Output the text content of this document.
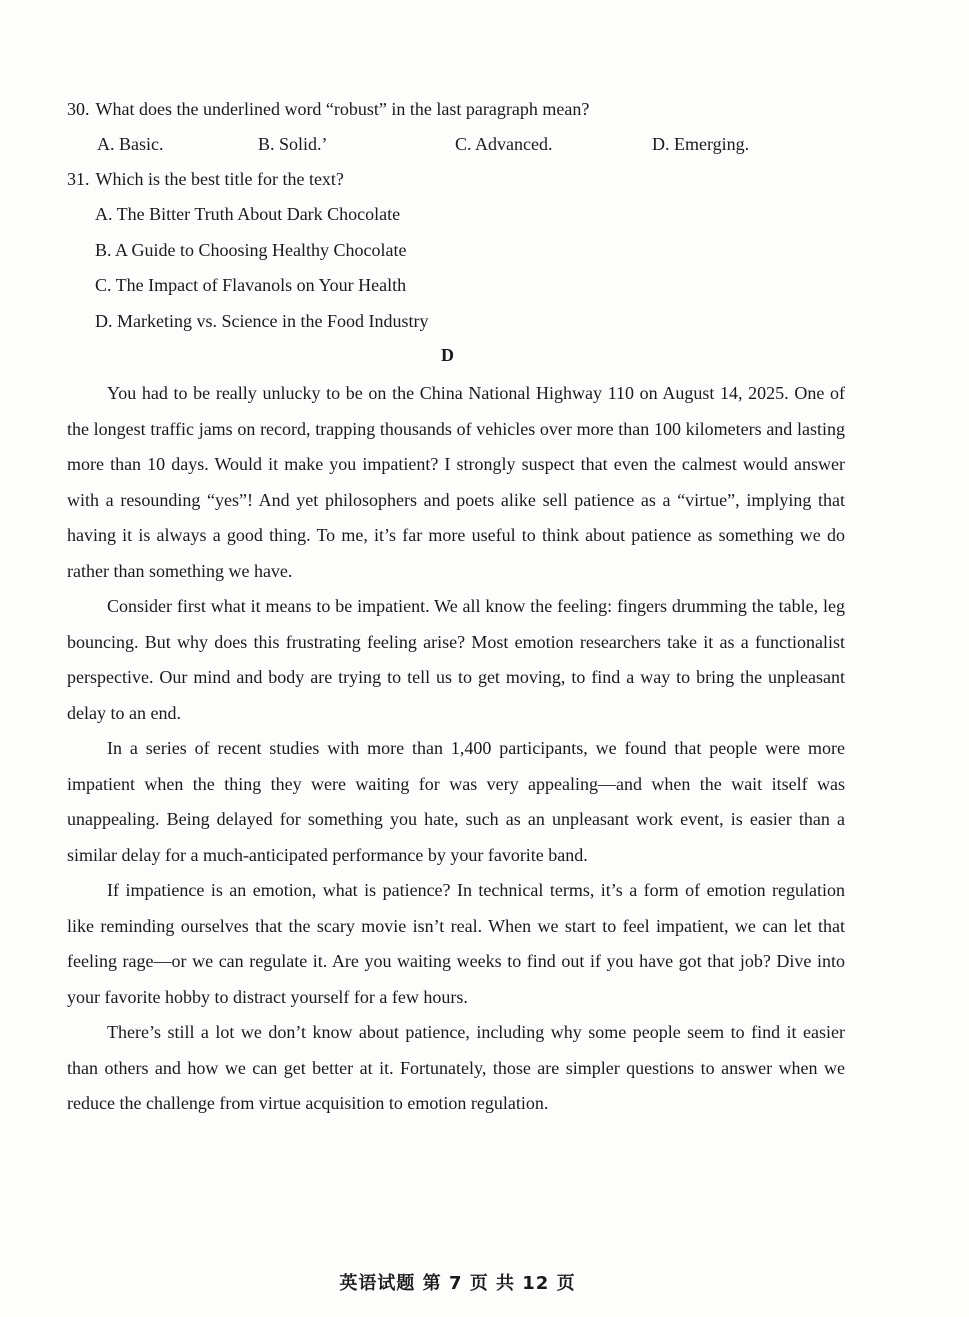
30. What does the underlined word “robust” in the last paragraph mean?
A. Basic.	B. Solid.’	C. Advanced.	D. Emerging.
31. Which is the best title for the text?
A. The Bitter Truth About Dark Chocolate
B. A Guide to Choosing Healthy Chocolate
C. The Impact of Flavanols on Your Health
D. Marketing vs. Science in the Food Industry
D

You had to be really unlucky to be on the China National Highway 110 on August 14, 2025. One of the longest traffic jams on record, trapping thousands of vehicles over more than 100 kilometers and lasting more than 10 days. Would it make you impatient? I strongly suspect that even the calmest would answer with a resounding “yes”! And yet philosophers and poets alike sell patience as a “virtue”, implying that having it is always a good thing. To me, it’s far more useful to think about patience as something we do rather than something we have.

Consider first what it means to be impatient. We all know the feeling: fingers drumming the table, leg bouncing. But why does this frustrating feeling arise? Most emotion researchers take it as a functionalist perspective. Our mind and body are trying to tell us to get moving, to find a way to bring the unpleasant delay to an end.

In a series of recent studies with more than 1,400 participants, we found that people were more impatient when the thing they were waiting for was very appealing—and when the wait itself was unappealing. Being delayed for something you hate, such as an unpleasant work event, is easier than a similar delay for a much-anticipated performance by your favorite band.

If impatience is an emotion, what is patience? In technical terms, it’s a form of emotion regulation like reminding ourselves that the scary movie isn’t real. When we start to feel impatient, we can let that feeling rage—or we can regulate it. Are you waiting weeks to find out if you have got that job? Dive into your favorite hobby to distract yourself for a few hours.

There’s still a lot we don’t know about patience, including why some people seem to find it easier than others and how we can get better at it. Fortunately, those are simpler questions to answer when we reduce the challenge from virtue acquisition to emotion regulation.

英语试题 第 7 页 共 12 页
